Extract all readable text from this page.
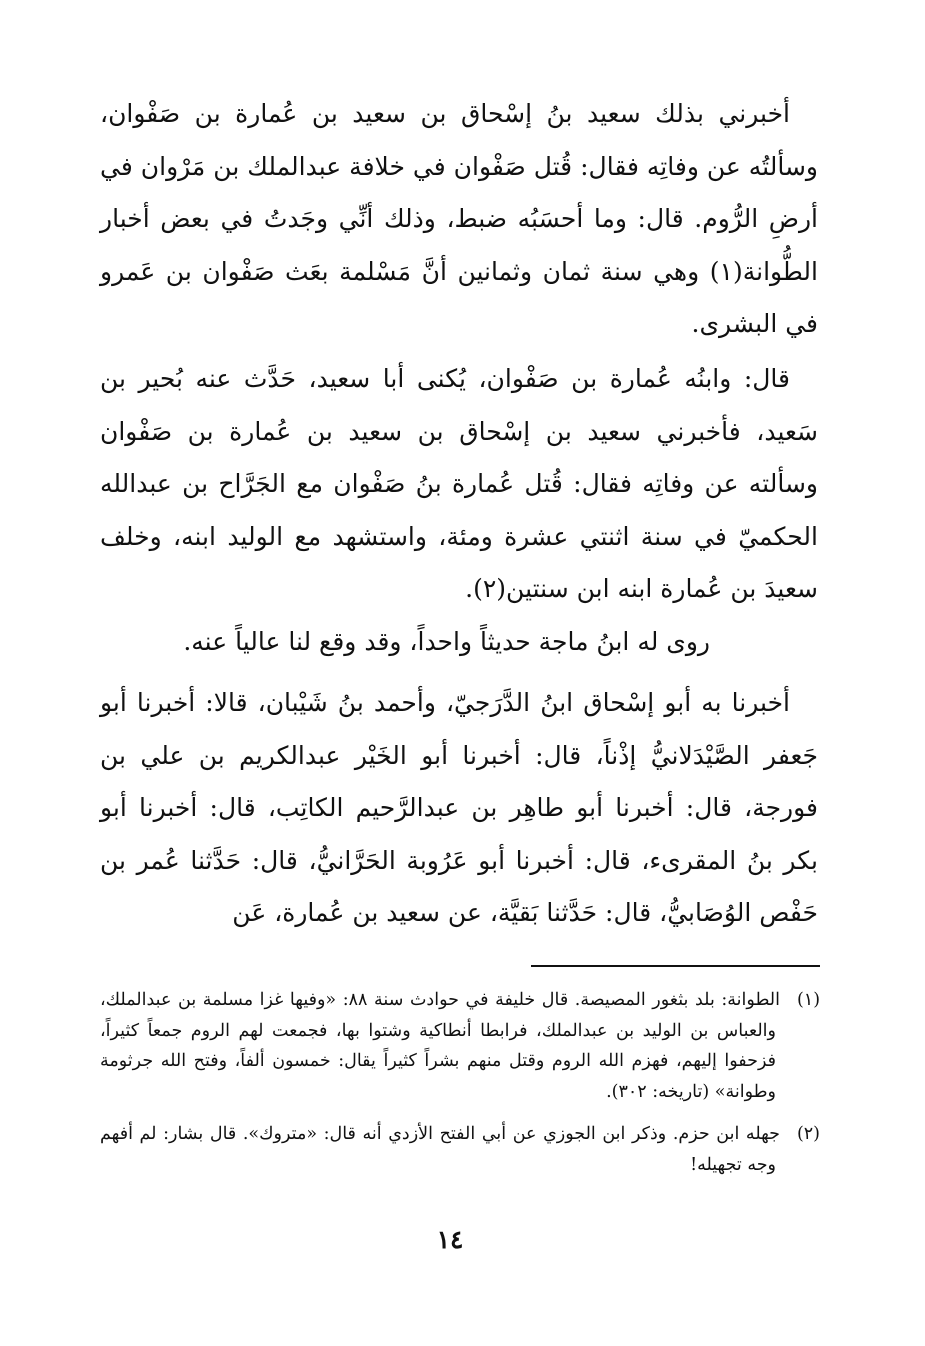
أخبرني بذلك سعيد بنُ إسْحاق بن سعيد بن عُمارة بن صَفْوان، وسألتُه عن وفاتِه فقال: قُتل صَفْوان في خلافة عبدالملك بن مَرْوان في أرضِ الرُّوم. قال: وما أحسَبُه ضبط، وذلك أنِّي وجَدتُ في بعض أخبار الطُّوانة(١) وهي سنة ثمان وثمانين أنَّ مَسْلمة بعَث صَفْوان بن عَمرو في البشرى.

قال: وابنُه عُمارة بن صَفْوان، يُكنى أبا سعيد، حَدَّث عنه بُحير بن سَعيد، فأخبرني سعيد بن إسْحاق بن سعيد بن عُمارة بن صَفْوان وسألته عن وفاتِه فقال: قُتل عُمارة بنُ صَفْوان مع الجَرَّاح بن عبدالله الحكميّ في سنة اثنتي عشرة ومئة، واستشهد مع الوليد ابنه، وخلف سعيدَ بن عُمارة ابنه ابن سنتين(٢).

روى له ابنُ ماجة حديثاً واحداً، وقد وقع لنا عالياً عنه.

أخبرنا به أبو إسْحاق ابنُ الدَّرَجيّ، وأحمد بنُ شَيْبان، قالا: أخبرنا أبو جَعفر الصَّيْدَلانيُّ إذْناً، قال: أخبرنا أبو الخَيْر عبدالكريم بن علي بن فورجة، قال: أخبرنا أبو طاهِر بن عبدالرَّحيم الكاتِب، قال: أخبرنا أبو بكر بنُ المقرىء، قال: أخبرنا أبو عَرُوبة الحَرَّانيُّ، قال: حَدَّثنا عُمر بن حَفْص الوُصَابيُّ، قال: حَدَّثنا بَقيَّة، عن سعيد بن عُمارة، عَن

(١)الطوانة: بلد بثغور المصيصة. قال خليفة في حوادث سنة ٨٨: «وفيها غزا مسلمة بن عبدالملك، والعباس بن الوليد بن عبدالملك، فرابطا أنطاكية وشتوا بها، فجمعت لهم الروم جمعاً كثيراً، فزحفوا إليهم، فهزم الله الروم وقتل منهم بشراً كثيراً يقال: خمسون ألفاً، وفتح الله جرثومة وطوانة» (تاريخه: ٣٠٢).

(٢)جهله ابن حزم. وذكر ابن الجوزي عن أبي الفتح الأزدي أنه قال: «متروك». قال بشار: لم أفهم وجه تجهيله!

١٤
